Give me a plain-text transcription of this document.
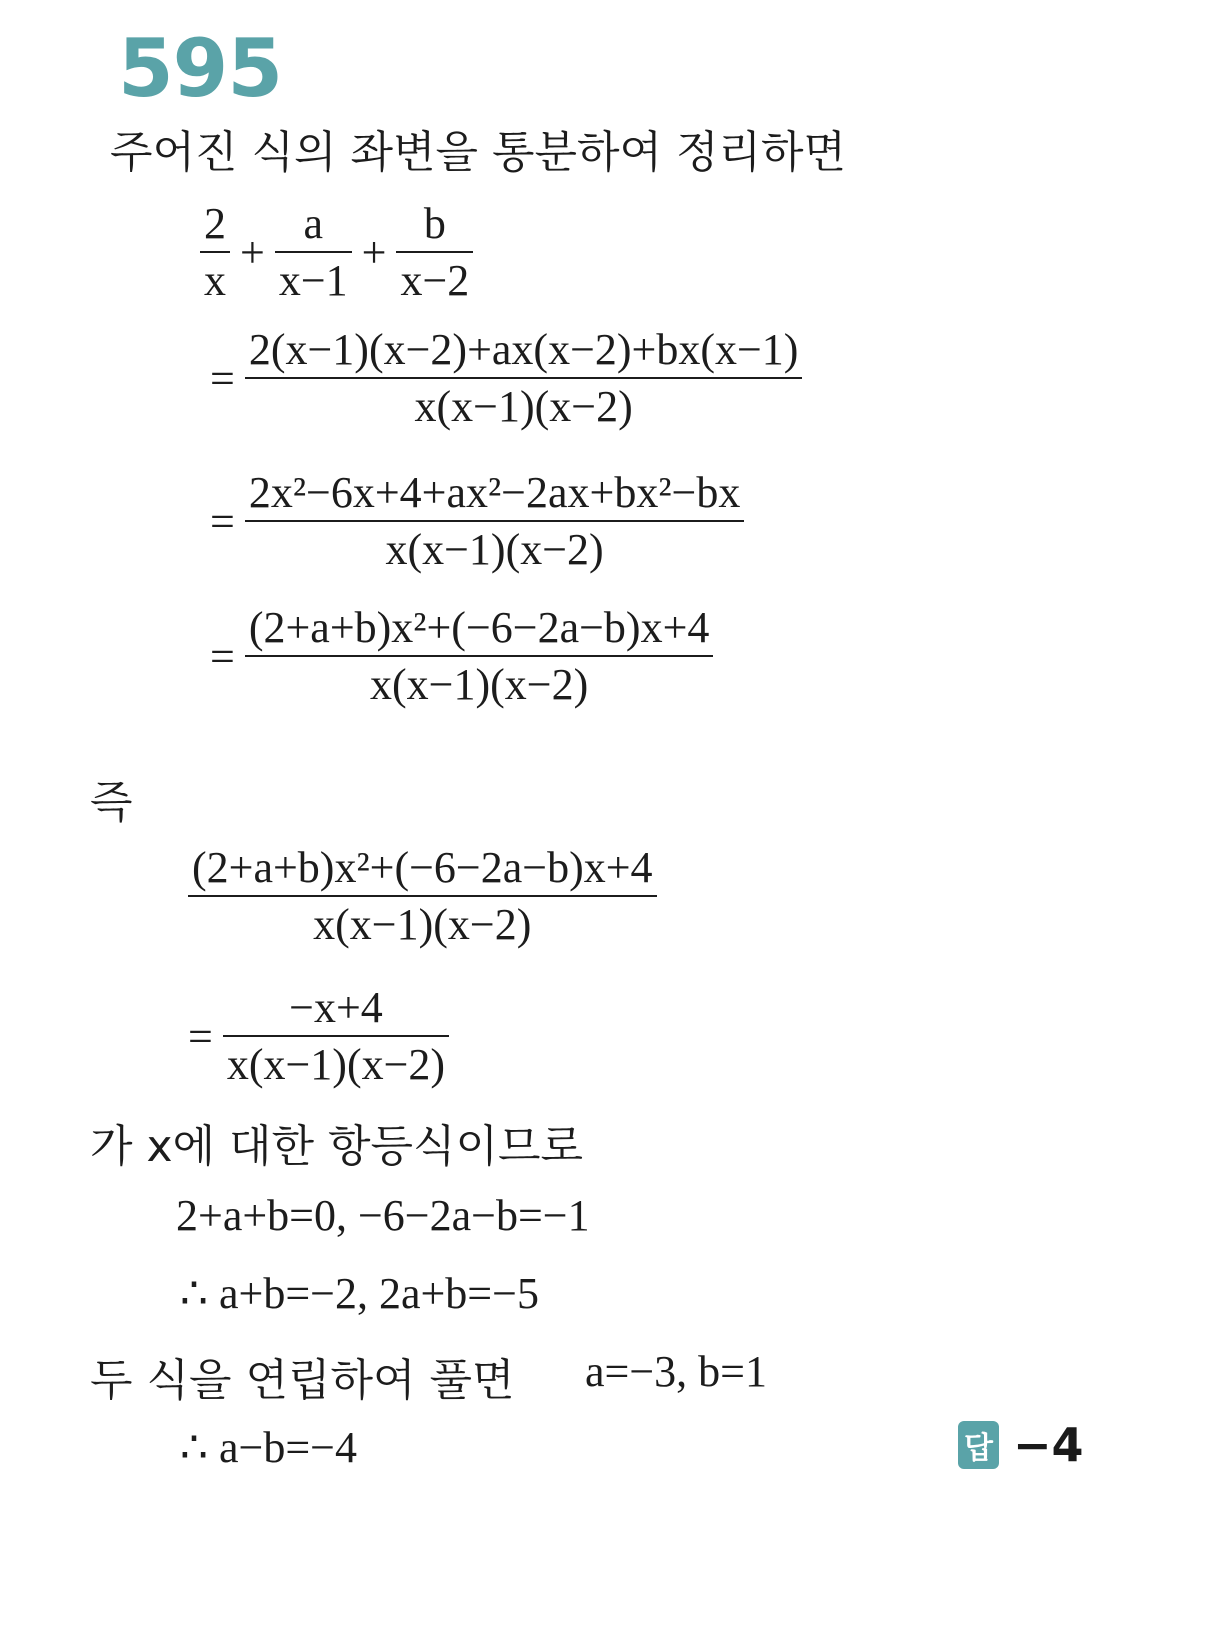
595
주어진 식의 좌변을 통분하여 정리하면
$\frac{2}{x} + \frac{a}{x-1} + \frac{b}{x-2}$
= $\frac{2(x-1)(x-2)+ax(x-2)+bx(x-1)}{x(x-1)(x-2)}$
= $\frac{\text{2x²−6x+4+ax²−2ax+bx²−bx}}{x(x-1)(x-2)}$
= $\frac{\text{(2+a+b)x²+(−6−2a−b)x+4}}{x(x-1)(x-2)}$
즉
$\frac{\text{(2+a+b)x²+(−6−2a−b)x+4}}{x(x-1)(x-2)}$
= $\frac{-x+4}{x(x-1)(x-2)}$
가 x에 대한 항등식이므로
2+a+b=0, −6−2a−b=−1
∴ a+b=−2, 2a+b=−5
두 식을 연립하여 풀면 a=−3, b=1
∴ a−b=−4	답 −4
